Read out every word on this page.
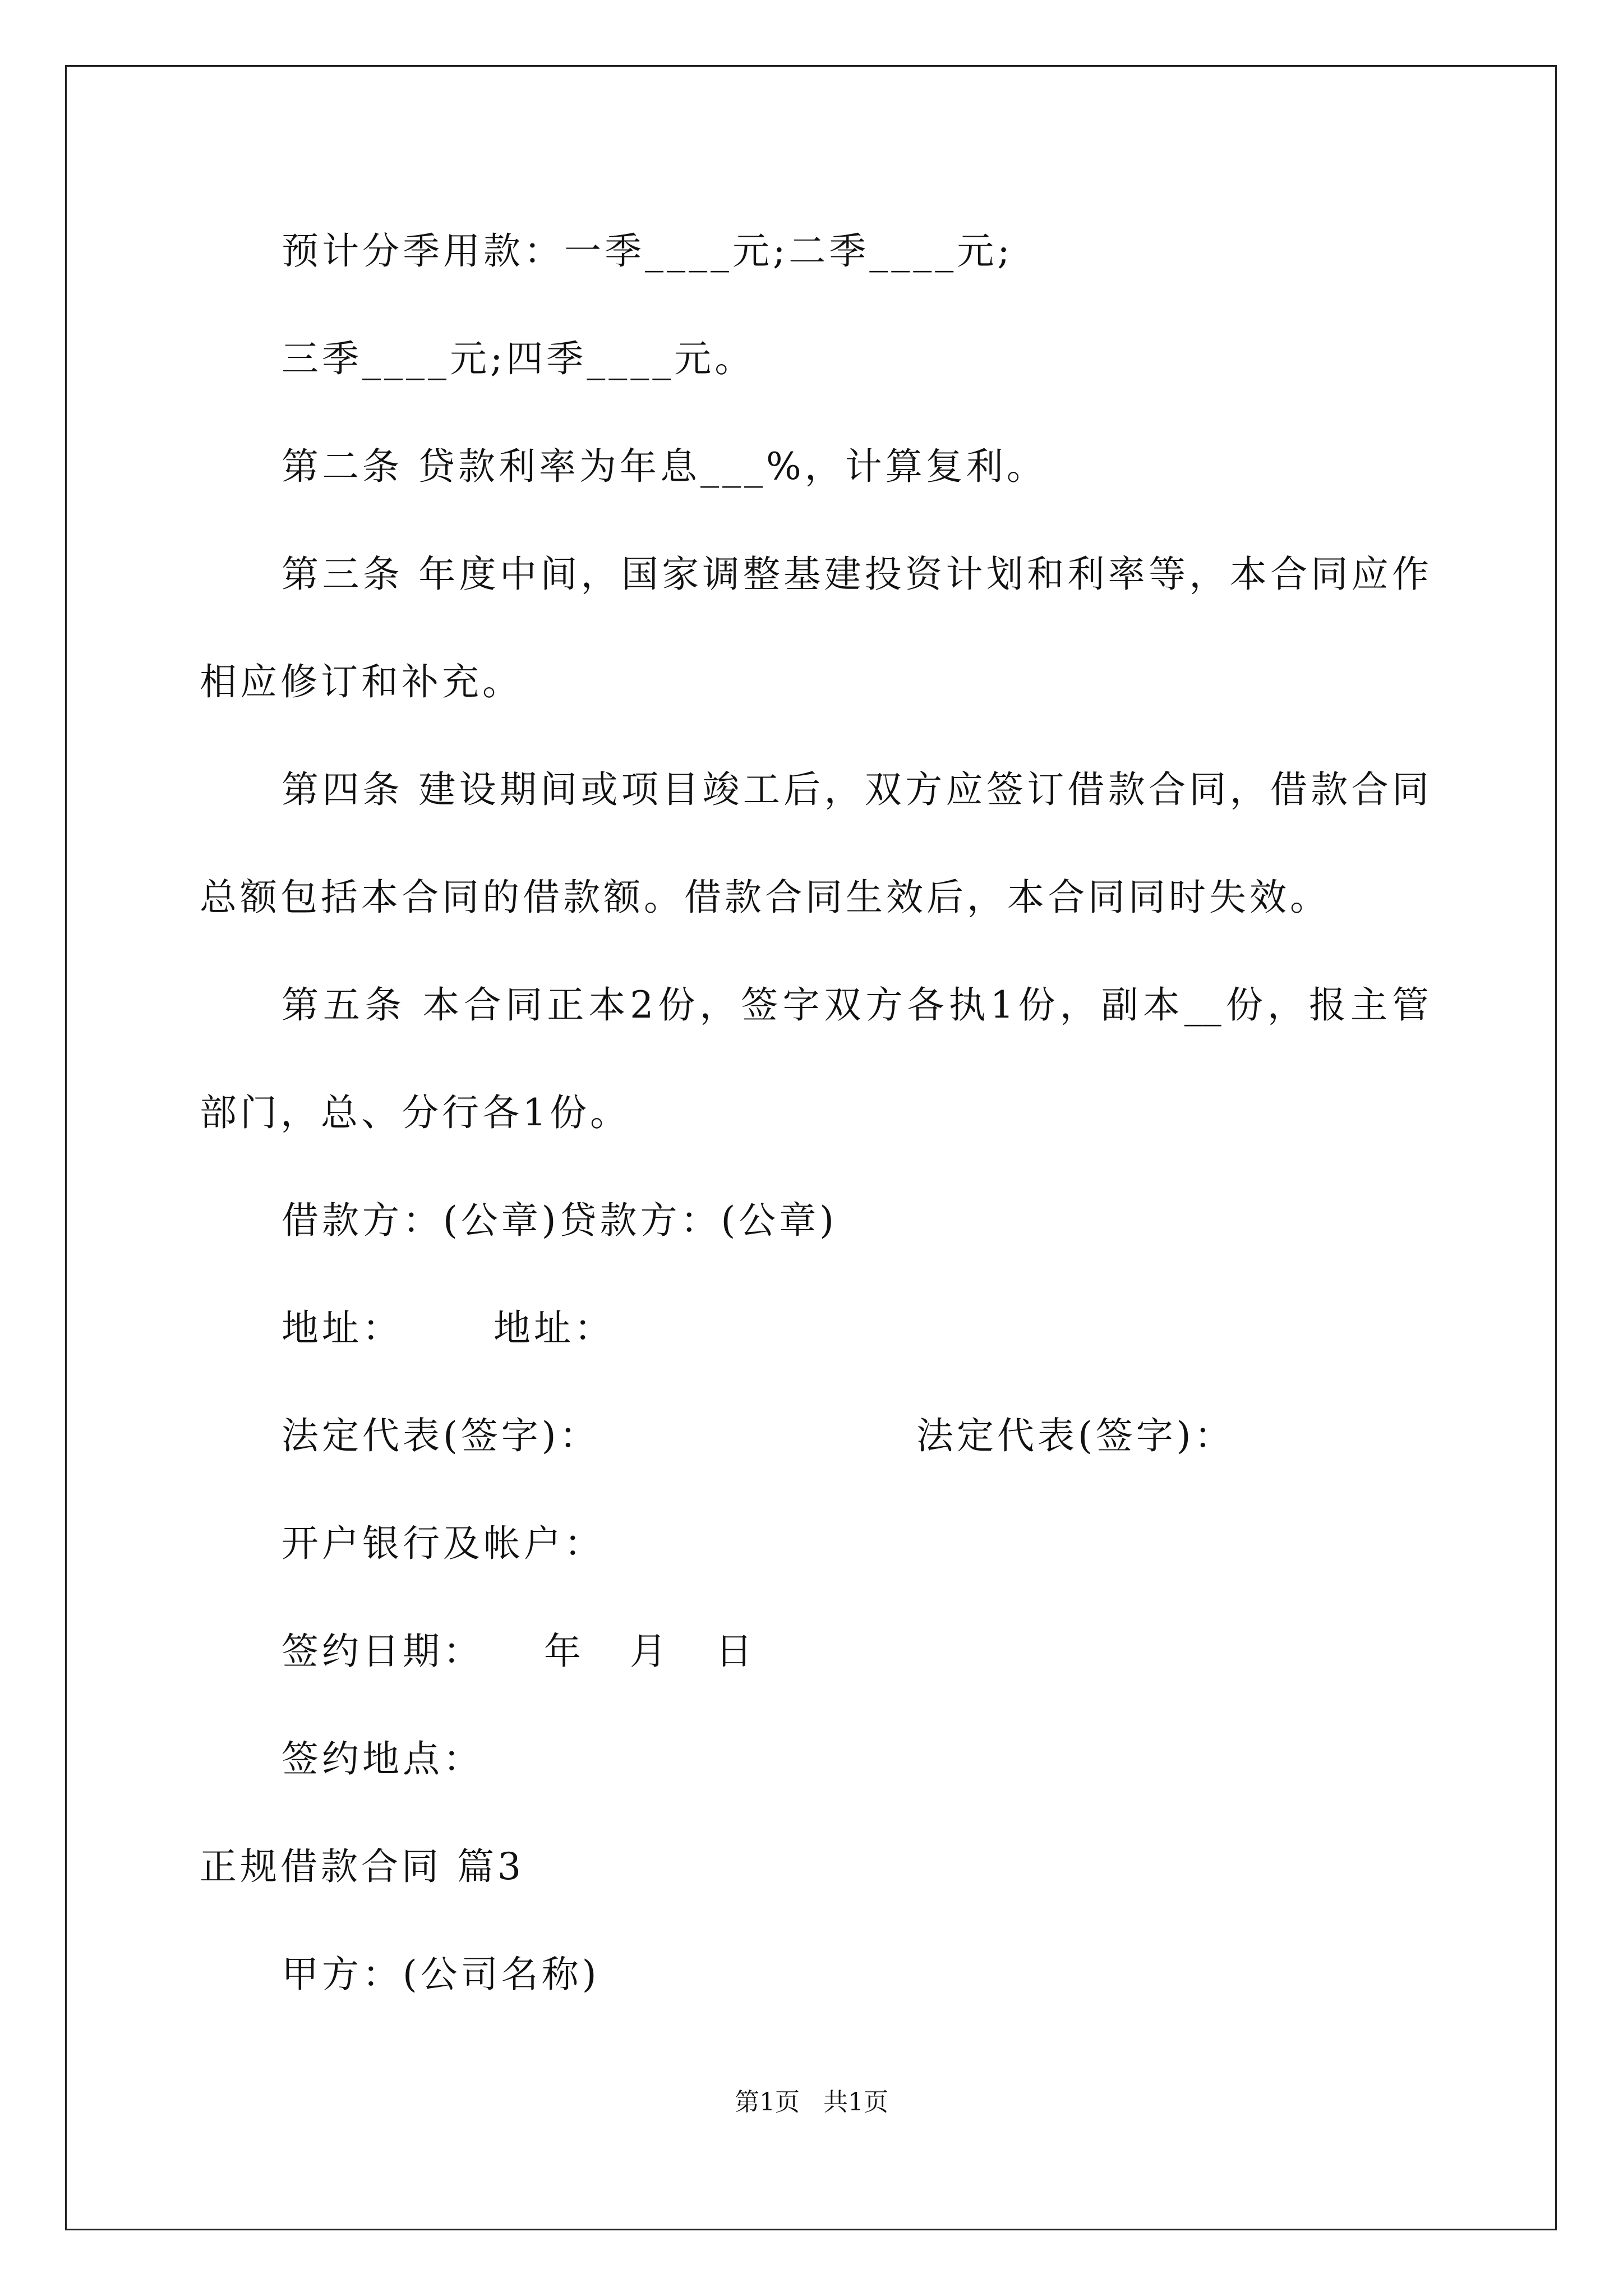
预计分季用款：一季____元;二季____元;
三季____元;四季____元。
第二条 贷款利率为年息___%，计算复利。
第三条 年度中间，国家调整基建投资计划和利率等，本合同应作
相应修订和补充。
第四条 建设期间或项目竣工后，双方应签订借款合同，借款合同
总额包括本合同的借款额。借款合同生效后，本合同同时失效。
第五条 本合同正本2份，签字双方各执1份，副本__份，报主管
部门，总、分行各1份。
借款方：(公章)贷款方：(公章)
地址：      地址：
法定代表(签字)：	法定代表(签字)：
开户银行及帐户：
签约日期：    年   月   日
签约地点：
正规借款合同 篇3
甲方：(公司名称)
第1页   共1页
